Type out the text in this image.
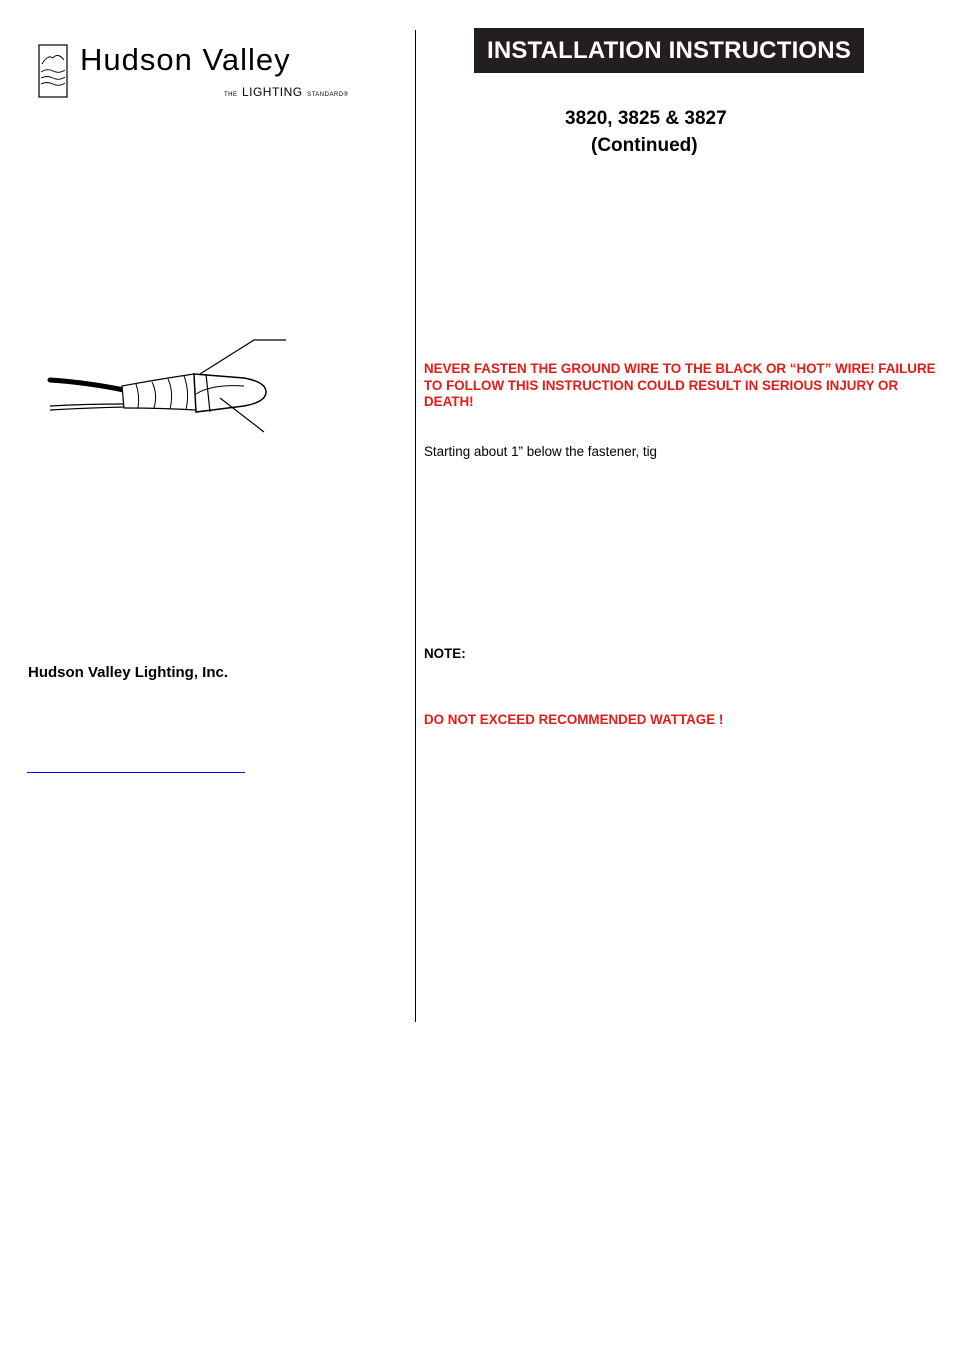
Hudson Valley
THE LIGHTING STANDARD®
INSTALLATION INSTRUCTIONS
3820, 3825 & 3827
(Continued)
NEVER FASTEN THE GROUND WIRE TO THE BLACK OR “HOT” WIRE! FAILURE TO FOLLOW THIS INSTRUCTION COULD RESULT IN SERIOUS INJURY OR DEATH!
Starting about 1” below the fastener, tig
NOTE:
DO NOT EXCEED RECOMMENDED WATTAGE !
Hudson Valley Lighting, Inc.
